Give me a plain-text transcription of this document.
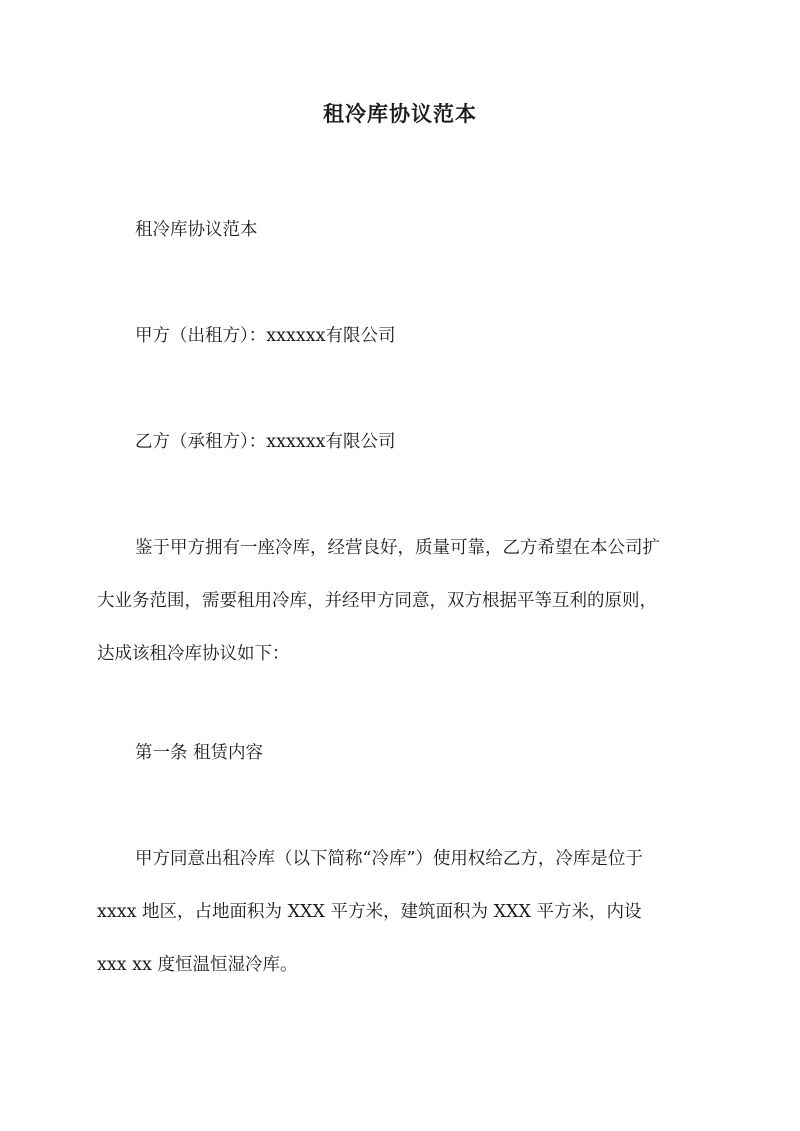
租冷库协议范本

租冷库协议范本

甲方（出租方）：xxxxxx有限公司

乙方（承租方）：xxxxxx有限公司

鉴于甲方拥有一座冷库，经营良好，质量可靠，乙方希望在本公司扩
大业务范围，需要租用冷库，并经甲方同意，双方根据平等互利的原则，
达成该租冷库协议如下：

第一条 租赁内容

甲方同意出租冷库（以下简称“冷库”）使用权给乙方，冷库是位于
xxxx 地区，占地面积为 XXX 平方米，建筑面积为 XXX 平方米，内设
xxx xx 度恒温恒湿冷库。
